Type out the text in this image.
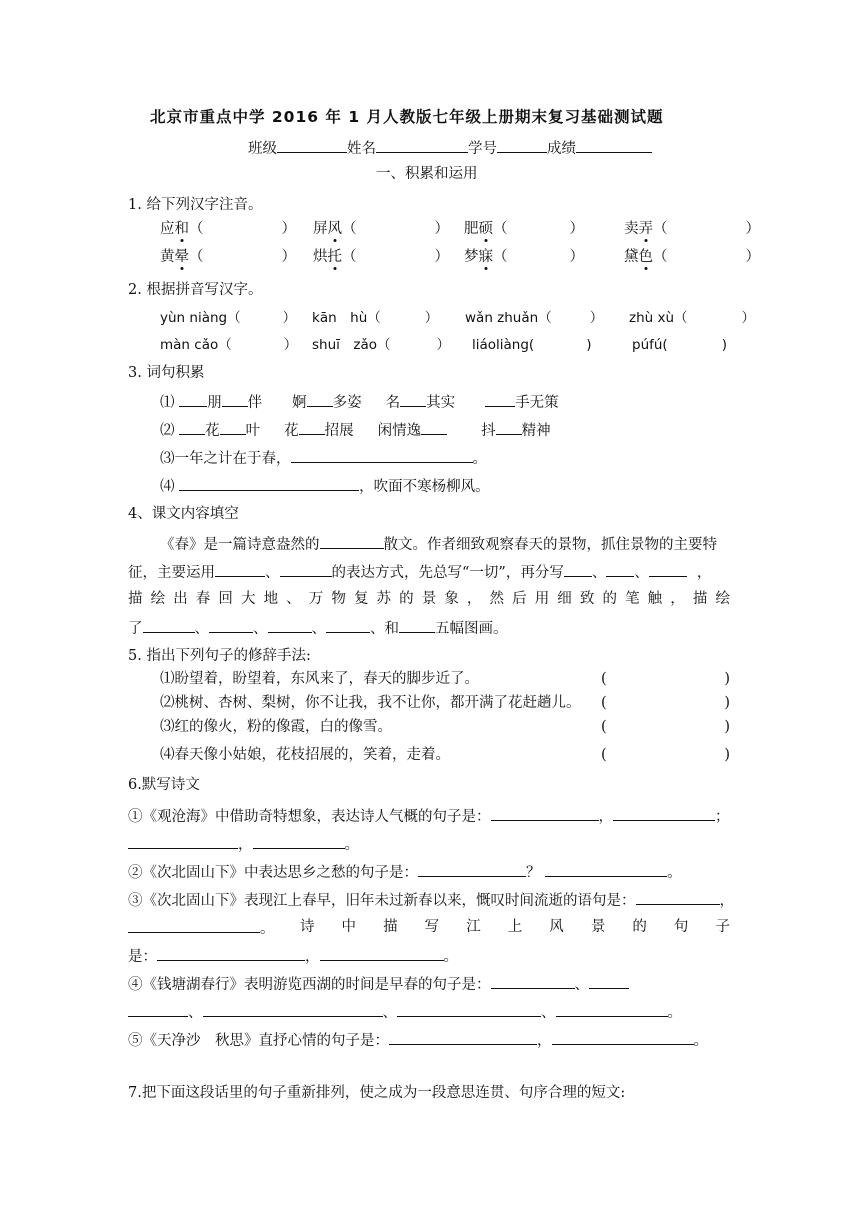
北京市重点中学 2016 年 1 月人教版七年级上册期末复习基础测试题
班级	姓名	学号	成绩
一、积累和运用
1. 给下列汉字注音。
应和（	） 屏风（	） 肥硕（	）	卖弄（	）
黄晕（	） 烘托（	） 梦寐（	）	黛色（	）
2. 根据拼音写汉字。
yùn niàng（	） kān　hù（	） wǎn zhuǎn（	） zhù xù（	）
màn cǎo（	） shuī　zǎo（	） liáoliàng(	)	púfú(	)
3. 词句积累
⑴ 朋 伴 婀 多姿 名 其实	手无策
⑵ 花 叶 花 招展 闲情逸	抖 精神
⑶一年之计在于春，	。
⑷	，吹面不寒杨柳风。
4、课文内容填空
《春》是一篇诗意盎然的	散文。作者细致观察春天的景物，抓住景物的主要特
征，主要运用	、	的表达方式，先总写“一切”，再分写 、 、	，
描 绘 出 春 回 大 地 、 万 物 复 苏 的 景 象 ， 然 后 用 细 致 的 笔 触 ， 描 绘
了	、	、	、	、和 五幅图画。
5. 指出下列句子的修辞手法:
⑴盼望着，盼望着，东风来了，春天的脚步近了。	(	)
⑵桃树、杏树、梨树，你不让我，我不让你，都开满了花赶趟儿。 (	)
⑶红的像火，粉的像霞，白的像雪。	(	)
⑷春天像小姑娘，花枝招展的，笑着，走着。	(	)
6.默写诗文
①《观沧海》中借助奇特想象，表达诗人气概的句子是：	，	；
，	。
②《次北固山下》中表达思乡之愁的句子是：	？	。
③《次北固山下》表现江上春早，旧年未过新春以来，慨叹时间流逝的语句是：	，
。 诗 中 描 写 江 上 风 景 的 句 子
是：	，	。
④《钱塘湖春行》表明游览西湖的时间是早春的句子是：	、
、	、	、	。
⑤《天净沙　秋思》直抒心情的句子是：	，	。
7.把下面这段话里的句子重新排列，使之成为一段意思连贯、句序合理的短文:
